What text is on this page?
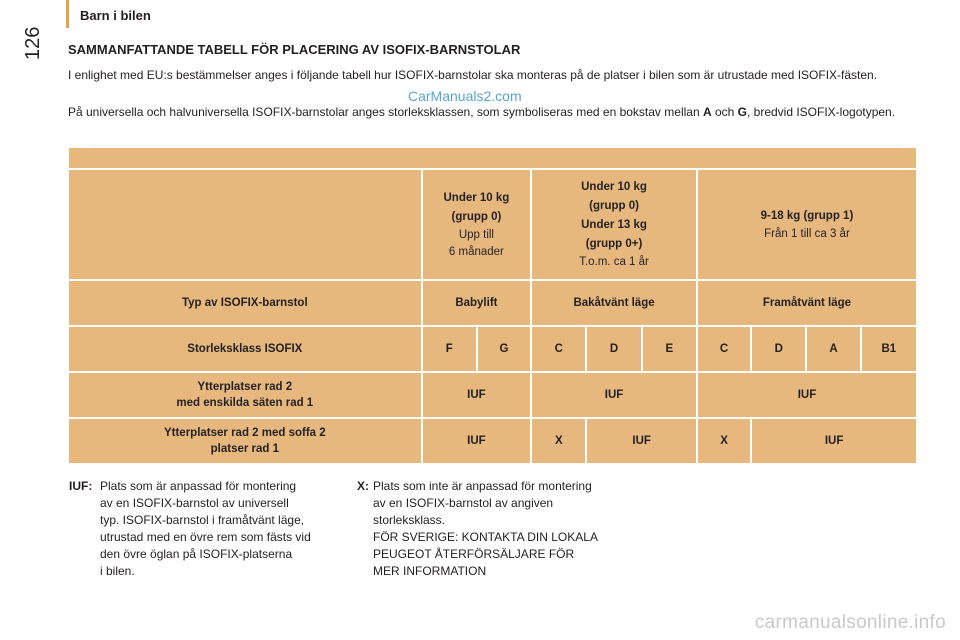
126
Barn i bilen
SAMMANFATTANDE TABELL FÖR PLACERING AV ISOFIX-BARNSTOLAR
I enlighet med EU:s bestämmelser anges i följande tabell hur ISOFIX-barnstolar ska monteras på de platser i bilen som är utrustade med ISOFIX-fästen.
På universella och halvuniversella ISOFIX-barnstolar anges storleksklassen, som symboliseras med en bokstav mellan A och G, bredvid ISOFIX-logotypen.
CarManuals2.com

	Under 10 kg
(grupp 0)
Upp till
6 månader		Under 10 kg
(grupp 0)
Under 13 kg
(grupp 0+)
T.o.m. ca 1 år			9-18 kg (grupp 1)
Från 1 till ca 3 år			

Typ av ISOFIX-barnstol	Babylift		Bakåtvänt läge			Framåtvänt läge			
Storleksklass ISOFIX	F	G	C	D	E	C	D	A	B1

Ytterplatser rad 2
med enskilda säten rad 1	IUF		IUF			IUF			

Ytterplatser rad 2 med soffa 2
platser rad 1	IUF		X	IUF		X	IUF		
IUF: Plats som är anpassad för montering
av en ISOFIX-barnstol av universell
typ. ISOFIX-barnstol i framåtvänt läge,
utrustad med en övre rem som fästs vid
den övre öglan på ISOFIX-platserna
i bilen.
X: Plats som inte är anpassad för montering
av en ISOFIX-barnstol av angiven
storleksklass.
FÖR SVERIGE: KONTAKTA DIN LOKALA
PEUGEOT ÅTERFÖRSÄLJARE FÖR
MER INFORMATION
carmanualsonline.info
